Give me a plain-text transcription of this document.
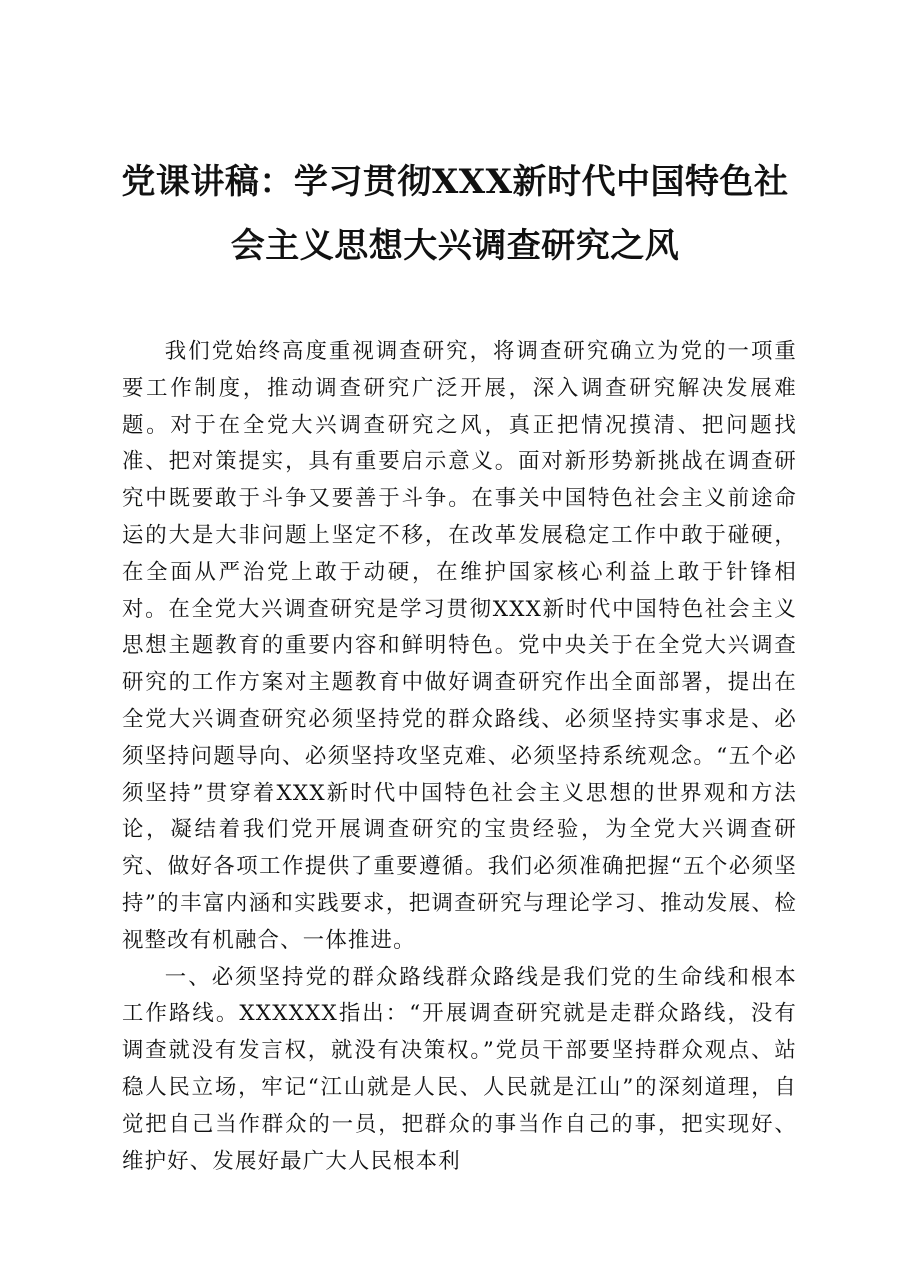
党课讲稿：学习贯彻XXX新时代中国特色社会主义思想大兴调查研究之风

我们党始终高度重视调查研究，将调查研究确立为党的一项重要工作制度，推动调查研究广泛开展，深入调查研究解决发展难题。对于在全党大兴调查研究之风，真正把情况摸清、把问题找准、把对策提实，具有重要启示意义。面对新形势新挑战在调查研究中既要敢于斗争又要善于斗争。在事关中国特色社会主义前途命运的大是大非问题上坚定不移，在改革发展稳定工作中敢于碰硬，在全面从严治党上敢于动硬，在维护国家核心利益上敢于针锋相对。在全党大兴调查研究是学习贯彻XXX新时代中国特色社会主义思想主题教育的重要内容和鲜明特色。党中央关于在全党大兴调查研究的工作方案对主题教育中做好调查研究作出全面部署，提出在全党大兴调查研究必须坚持党的群众路线、必须坚持实事求是、必须坚持问题导向、必须坚持攻坚克难、必须坚持系统观念。“五个必须坚持”贯穿着XXX新时代中国特色社会主义思想的世界观和方法论，凝结着我们党开展调查研究的宝贵经验，为全党大兴调查研究、做好各项工作提供了重要遵循。我们必须准确把握“五个必须坚持”的丰富内涵和实践要求，把调查研究与理论学习、推动发展、检视整改有机融合、一体推进。

一、必须坚持党的群众路线群众路线是我们党的生命线和根本工作路线。XXXXXX指出：“开展调查研究就是走群众路线，没有调查就没有发言权，就没有决策权。”党员干部要坚持群众观点、站稳人民立场，牢记“江山就是人民、人民就是江山”的深刻道理，自觉把自己当作群众的一员，把群众的事当作自己的事，把实现好、维护好、发展好最广大人民根本利
